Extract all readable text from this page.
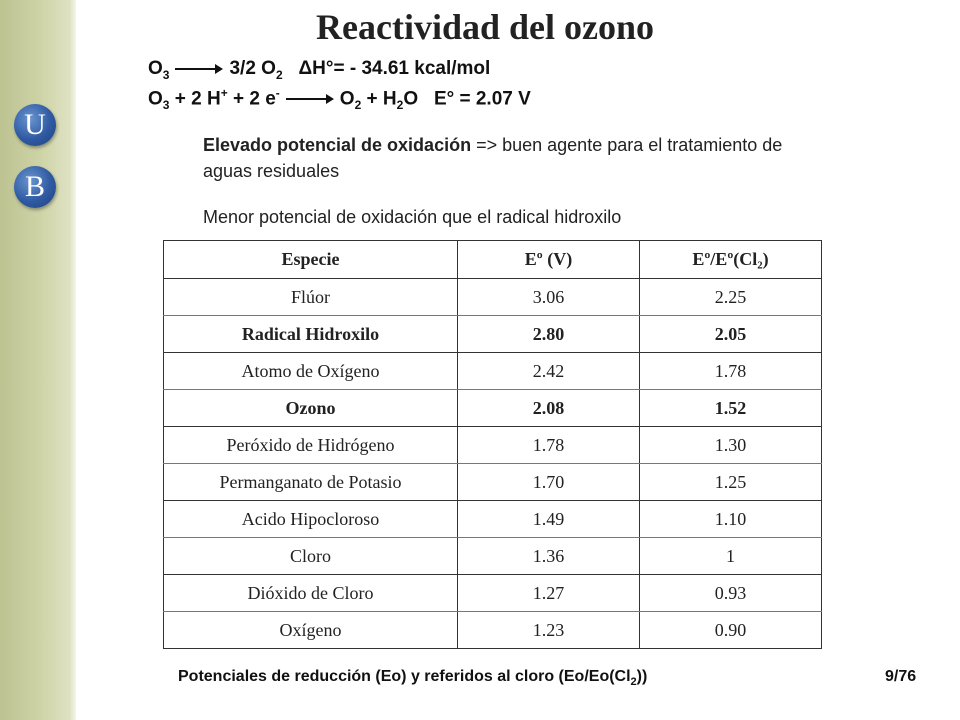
U
B
Reactividad del ozono
$O_3$	3/2 $O_2$ ΔH°= - 34.61 kcal/mol
$O_3 + 2$ H+ + 2 e-	$O_2 + H_2O$   E° = 2.07 V
Elevado potencial de oxidación => buen agente para el tratamiento de aguas residuales
Menor potencial de oxidación que el radical hidroxilo
Especie	Eº (V)	Eº/Eº(Cl₂)
Flúor	3.06	2.25
Radical Hidroxilo	2.80	2.05
Atomo de Oxígeno	2.42	1.78
Ozono	2.08	1.52
Peróxido de Hidrógeno	1.78	1.30
Permanganato de Potasio	1.70	1.25
Acido Hipocloroso	1.49	1.10
Cloro	1.36	1
Dióxido de Cloro	1.27	0.93
Oxígeno	1.23	0.90
Potenciales de reducción (Eo) y referidos al cloro $(Eo/Eo(Cl_2))$	9/76
